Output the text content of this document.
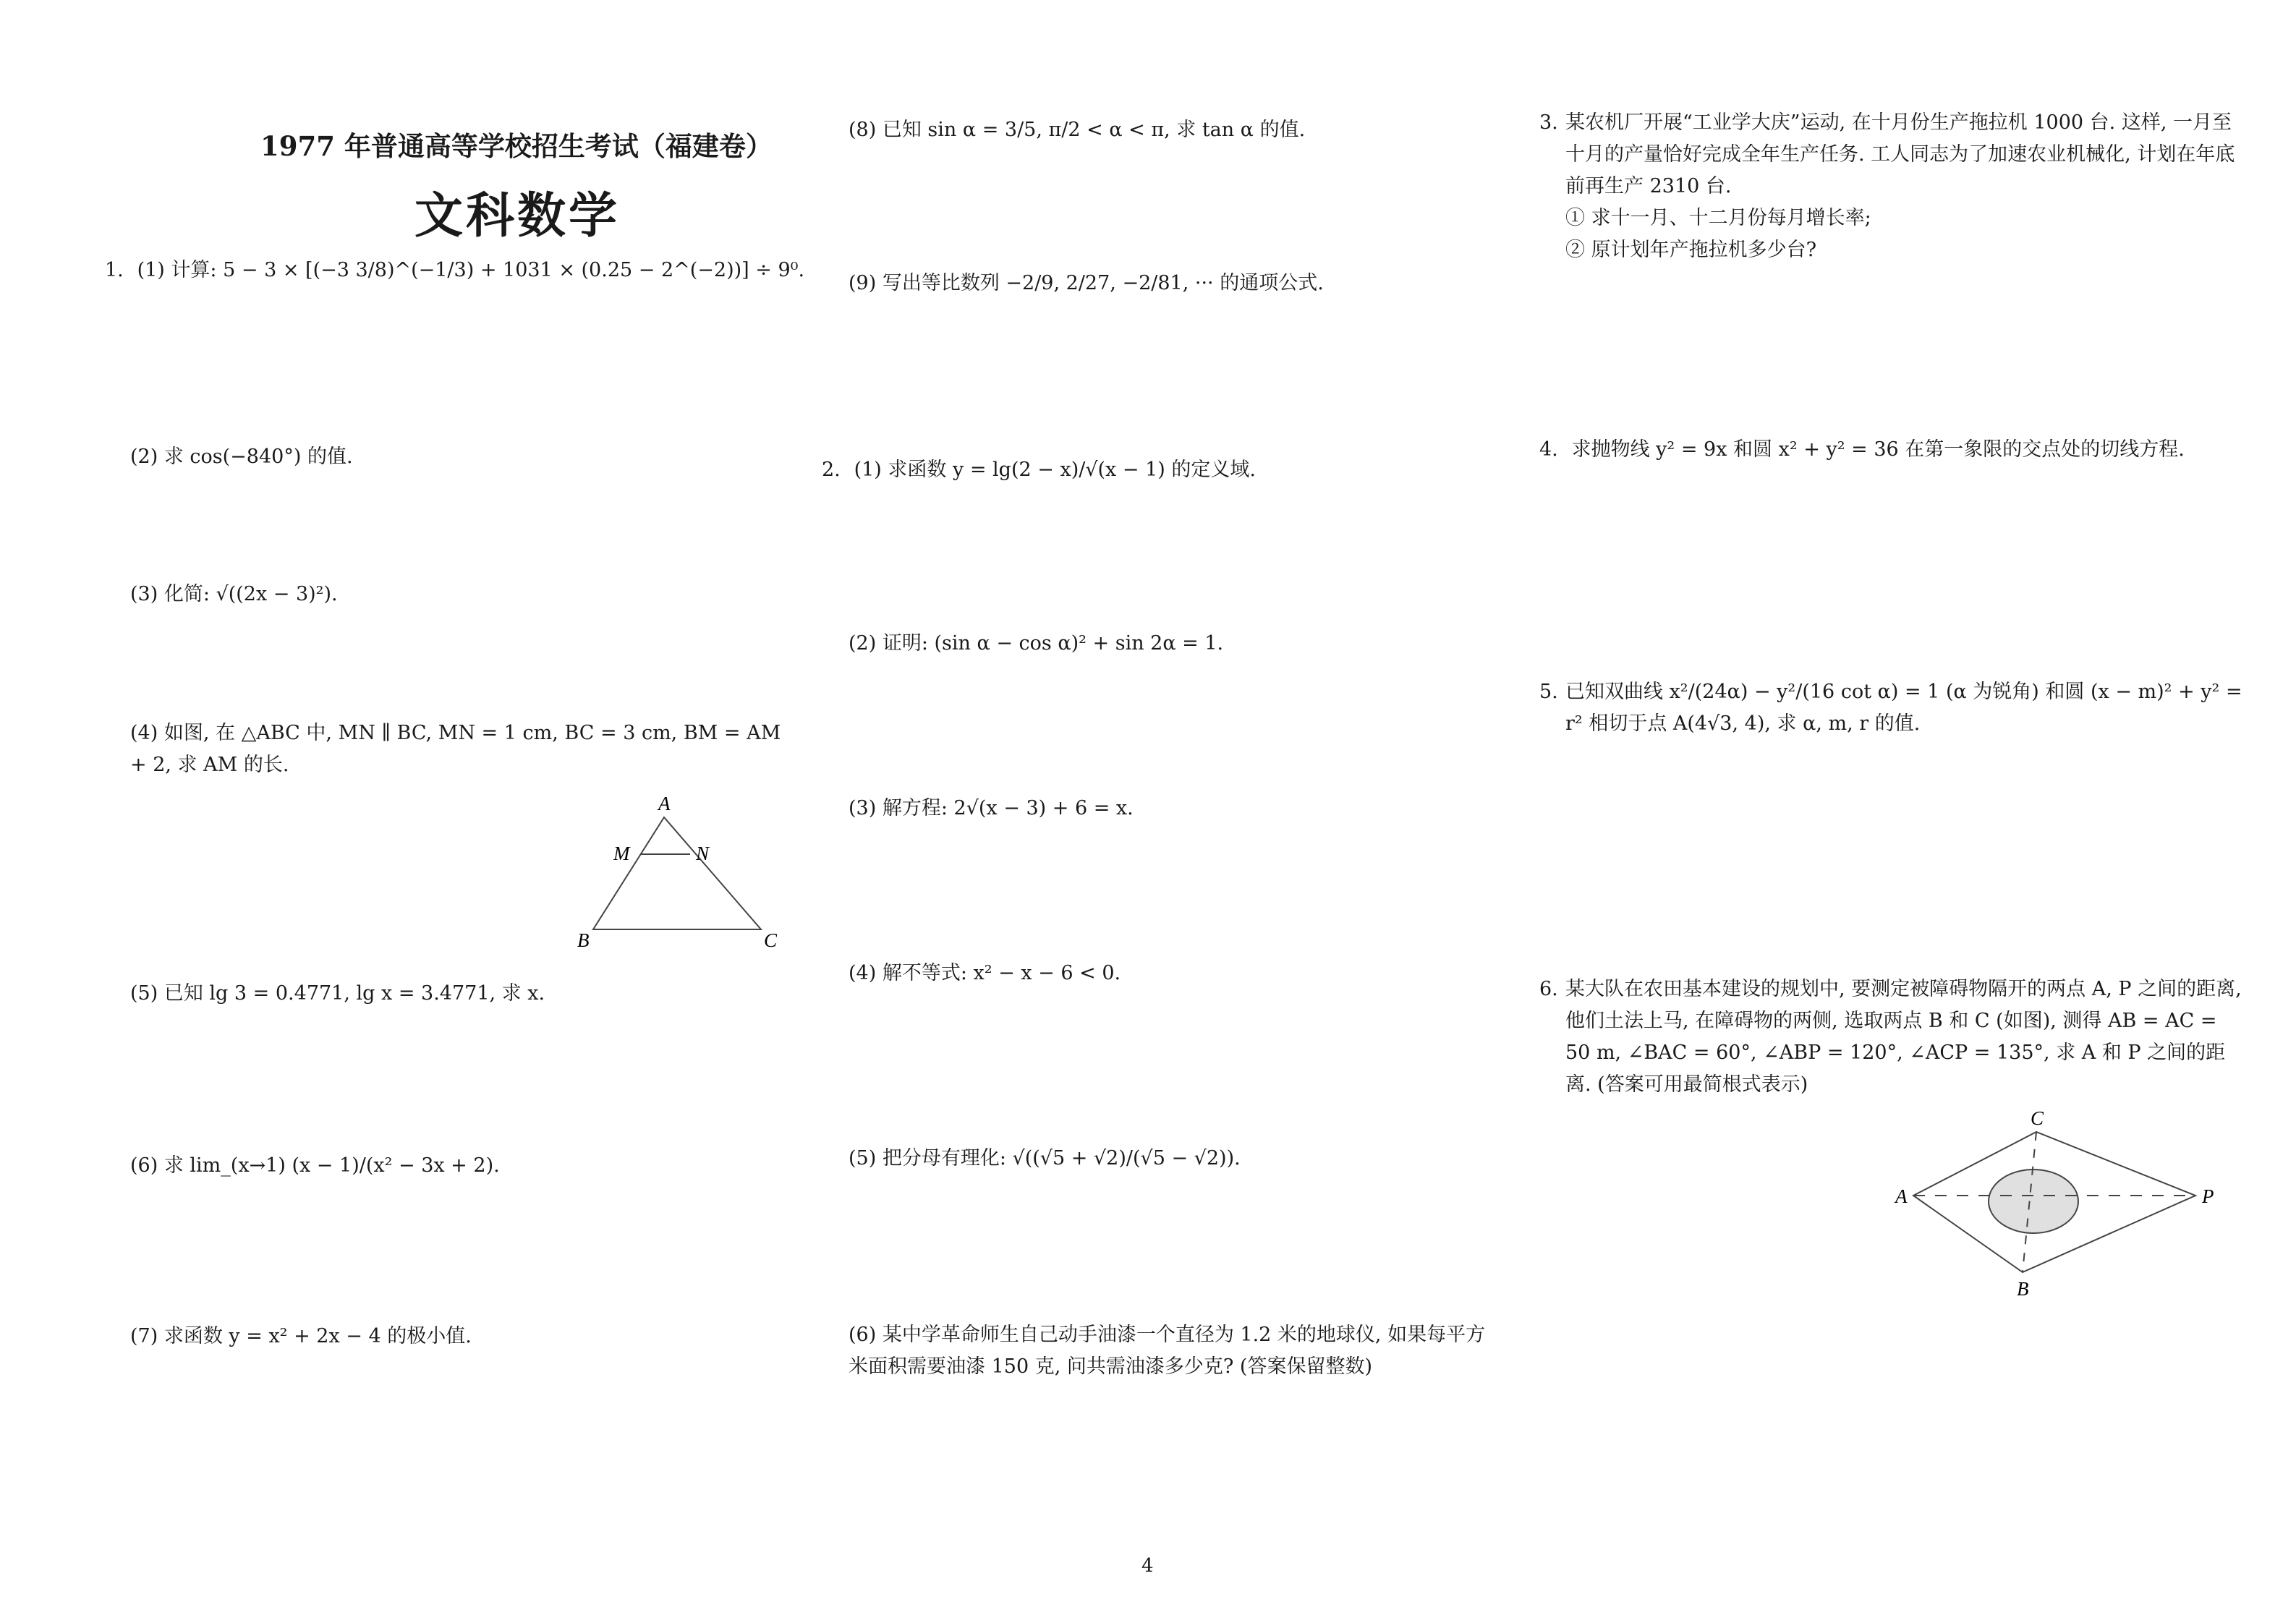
1977 年普通高等学校招生考试（福建卷）
文科数学
1. (1) 计算: 5 − 3 × [(−3 3/8)^(−1/3) + 1031 × (0.25 − 2^(−2))] ÷ 9⁰.
(2) 求 cos(−840°) 的值.
(3) 化简: √((2x − 3)²).
(4) 如图, 在 △ABC 中, MN ∥ BC, MN = 1 cm, BC = 3 cm, BM = AM + 2, 求 AM 的长.
A
M	N
B	C
(5) 已知 lg 3 = 0.4771, lg x = 3.4771, 求 x.
(6) 求 lim_(x→1) (x − 1)/(x² − 3x + 2).
(7) 求函数 y = x² + 2x − 4 的极小值.
(8) 已知 sin α = 3/5, π/2 < α < π, 求 tan α 的值.
(9) 写出等比数列 −2/9, 2/27, −2/81, ··· 的通项公式.
2. (1) 求函数 y = lg(2 − x)/√(x − 1) 的定义域.
(2) 证明: (sin α − cos α)² + sin 2α = 1.
(3) 解方程: 2√(x − 3) + 6 = x.
(4) 解不等式: x² − x − 6 < 0.
(5) 把分母有理化: √((√5 + √2)/(√5 − √2)).
(6) 某中学革命师生自己动手油漆一个直径为 1.2 米的地球仪, 如果每平方米面积需要油漆 150 克, 问共需油漆多少克? (答案保留整数)
3. 某农机厂开展“工业学大庆”运动, 在十月份生产拖拉机 1000 台. 这样, 一月至十月的产量恰好完成全年生产任务. 工人同志为了加速农业机械化, 计划在年底前再生产 2310 台.
① 求十一月、十二月份每月增长率;
② 原计划年产拖拉机多少台?
4. 求抛物线 y² = 9x 和圆 x² + y² = 36 在第一象限的交点处的切线方程.
5. 已知双曲线 x²/(24α) − y²/(16 cot α) = 1 (α 为锐角) 和圆 (x − m)² + y² = r² 相切于点 A(4√3, 4), 求 α, m, r 的值.
6. 某大队在农田基本建设的规划中, 要测定被障碍物隔开的两点 A, P 之间的距离, 他们土法上马, 在障碍物的两侧, 选取两点 B 和 C (如图), 测得 AB = AC = 50 m, ∠BAC = 60°, ∠ABP = 120°, ∠ACP = 135°, 求 A 和 P 之间的距离. (答案可用最简根式表示)
A	P
C
B
4
